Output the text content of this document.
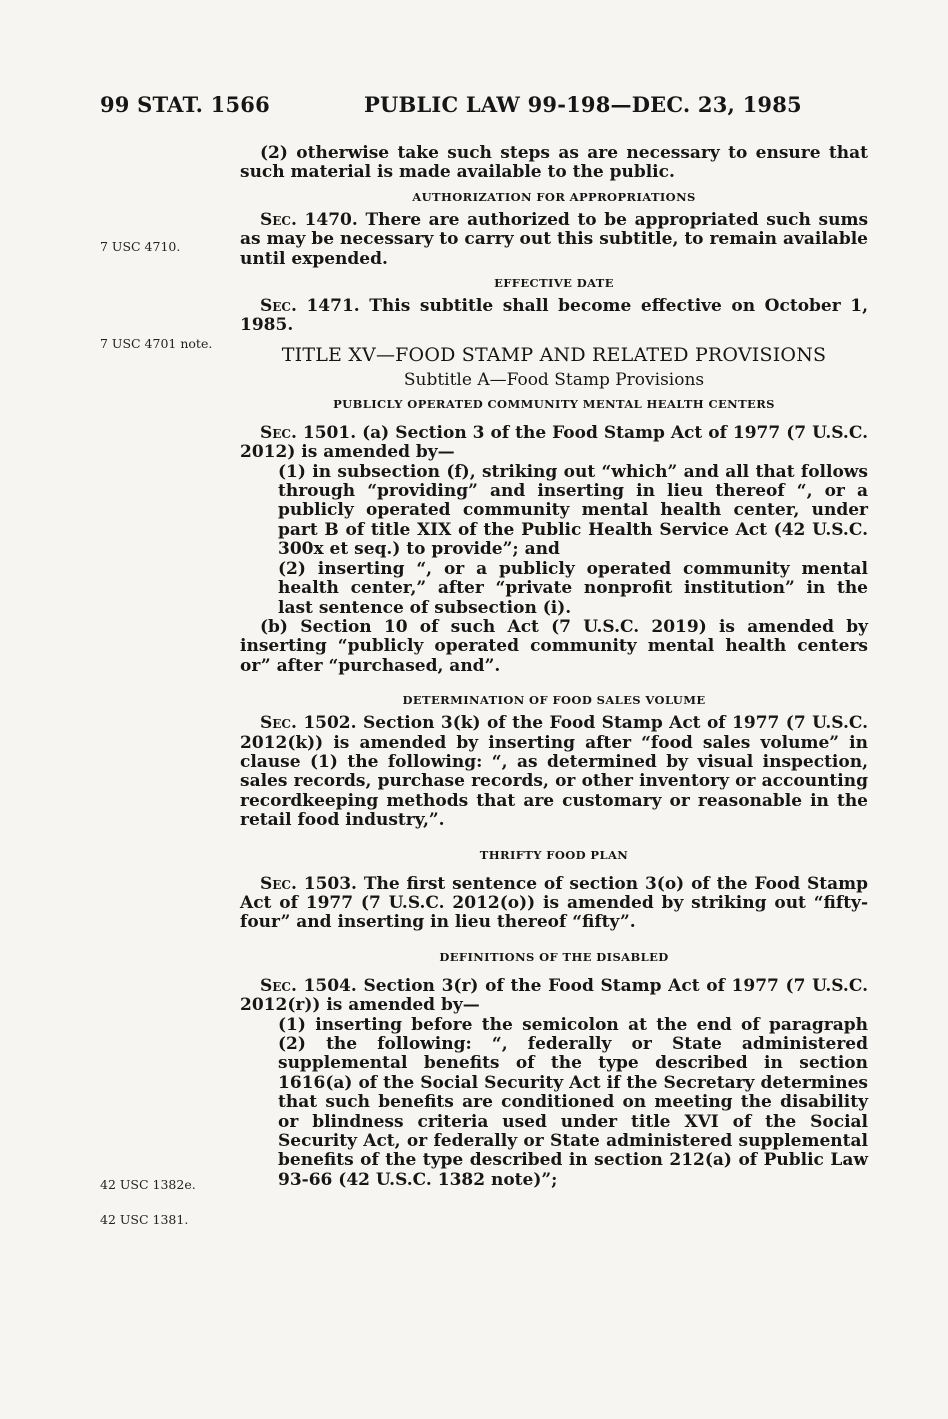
99 STAT. 1566	PUBLIC LAW 99-198—DEC. 23, 1985
7 USC 4710.
7 USC 4701 note.
42 USC 1382e.
42 USC 1381.

(2) otherwise take such steps as are necessary to ensure that such material is made available to the public.

AUTHORIZATION FOR APPROPRIATIONS

Sec. 1470. There are authorized to be appropriated such sums as may be necessary to carry out this subtitle, to remain available until expended.

EFFECTIVE DATE

Sec. 1471. This subtitle shall become effective on October 1, 1985.

TITLE XV—FOOD STAMP AND RELATED PROVISIONS
Subtitle A—Food Stamp Provisions
PUBLICLY OPERATED COMMUNITY MENTAL HEALTH CENTERS

Sec. 1501. (a) Section 3 of the Food Stamp Act of 1977 (7 U.S.C. 2012) is amended by—

(1) in subsection (f), striking out “which” and all that follows through “providing” and inserting in lieu thereof “, or a publicly operated community mental health center, under part B of title XIX of the Public Health Service Act (42 U.S.C. 300x et seq.) to provide”; and

(2) inserting “, or a publicly operated community mental health center,” after “private nonprofit institution” in the last sentence of subsection (i).

(b) Section 10 of such Act (7 U.S.C. 2019) is amended by inserting “publicly operated community mental health centers or” after “purchased, and”.

DETERMINATION OF FOOD SALES VOLUME

Sec. 1502. Section 3(k) of the Food Stamp Act of 1977 (7 U.S.C. 2012(k)) is amended by inserting after “food sales volume” in clause (1) the following: “, as determined by visual inspection, sales records, purchase records, or other inventory or accounting recordkeeping methods that are customary or reasonable in the retail food industry,”.

THRIFTY FOOD PLAN

Sec. 1503. The first sentence of section 3(o) of the Food Stamp Act of 1977 (7 U.S.C. 2012(o)) is amended by striking out “fifty-four” and inserting in lieu thereof “fifty”.

DEFINITIONS OF THE DISABLED

Sec. 1504. Section 3(r) of the Food Stamp Act of 1977 (7 U.S.C. 2012(r)) is amended by—

(1) inserting before the semicolon at the end of paragraph (2) the following: “, federally or State administered supplemental benefits of the type described in section 1616(a) of the Social Security Act if the Secretary determines that such benefits are conditioned on meeting the disability or blindness criteria used under title XVI of the Social Security Act, or federally or State administered supplemental benefits of the type described in section 212(a) of Public Law 93-66 (42 U.S.C. 1382 note)”;
